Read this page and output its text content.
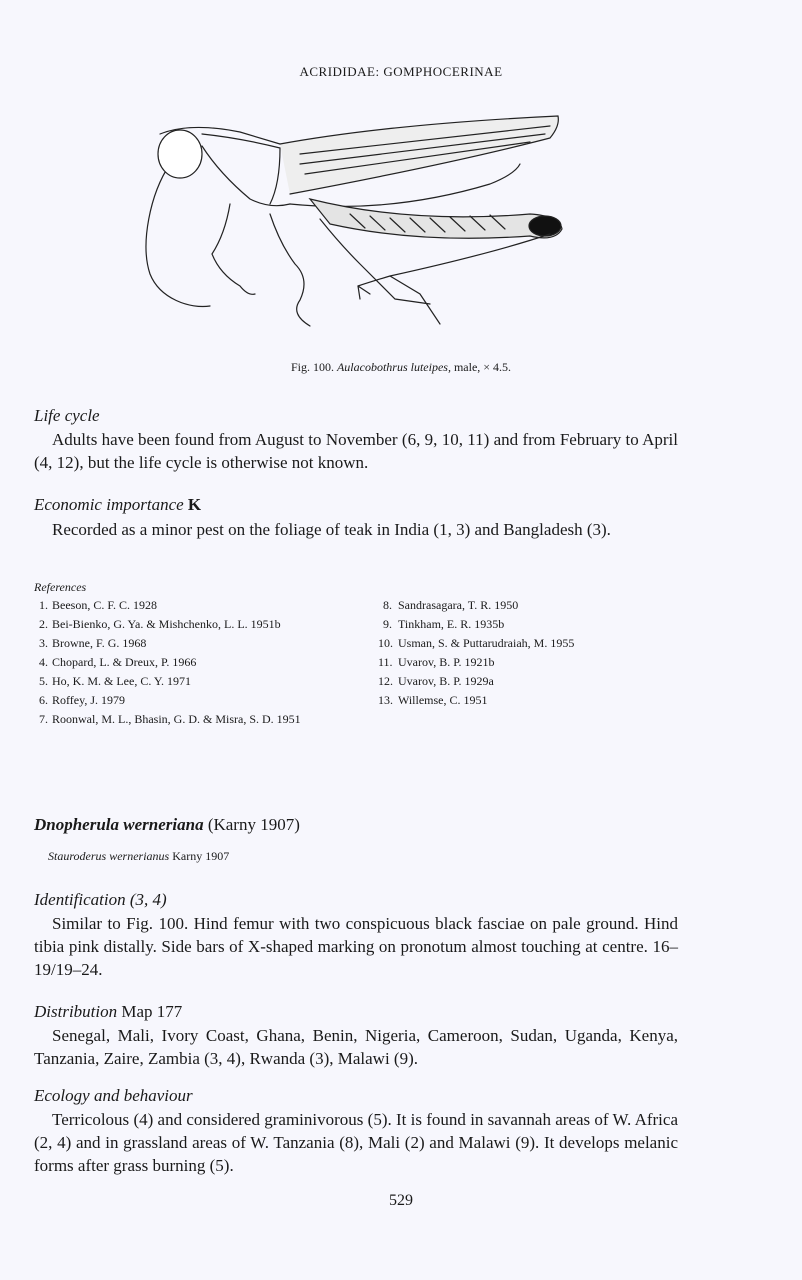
ACRIDIDAE: GOMPHOCERINAE
Fig. 100. Aulacobothrus luteipes, male, × 4.5.
Life cycle
Adults have been found from August to November (6, 9, 10, 11) and from February to April (4, 12), but the life cycle is otherwise not known.
Economic importance K
Recorded as a minor pest on the foliage of teak in India (1, 3) and Bangladesh (3).
References
1. Beeson, C. F. C. 1928
2. Bei-Bienko, G. Ya. & Mishchenko, L. L. 1951b
3. Browne, F. G. 1968
4. Chopard, L. & Dreux, P. 1966
5. Ho, K. M. & Lee, C. Y. 1971
6. Roffey, J. 1979
7. Roonwal, M. L., Bhasin, G. D. & Misra, S. D. 1951
8. Sandrasagara, T. R. 1950
9. Tinkham, E. R. 1935b
10. Usman, S. & Puttarudraiah, M. 1955
11. Uvarov, B. P. 1921b
12. Uvarov, B. P. 1929a
13. Willemse, C. 1951
Dnopherula werneriana (Karny 1907)
Stauroderus wernerianus Karny 1907
Identification (3, 4)
Similar to Fig. 100. Hind femur with two conspicuous black fasciae on pale ground. Hind tibia pink distally. Side bars of X-shaped marking on pronotum almost touching at centre. 16–19/19–24.
Distribution Map 177
Senegal, Mali, Ivory Coast, Ghana, Benin, Nigeria, Cameroon, Sudan, Uganda, Kenya, Tanzania, Zaire, Zambia (3, 4), Rwanda (3), Malawi (9).
Ecology and behaviour
Terricolous (4) and considered graminivorous (5). It is found in savannah areas of W. Africa (2, 4) and in grassland areas of W. Tanzania (8), Mali (2) and Malawi (9). It develops melanic forms after grass burning (5).
529
